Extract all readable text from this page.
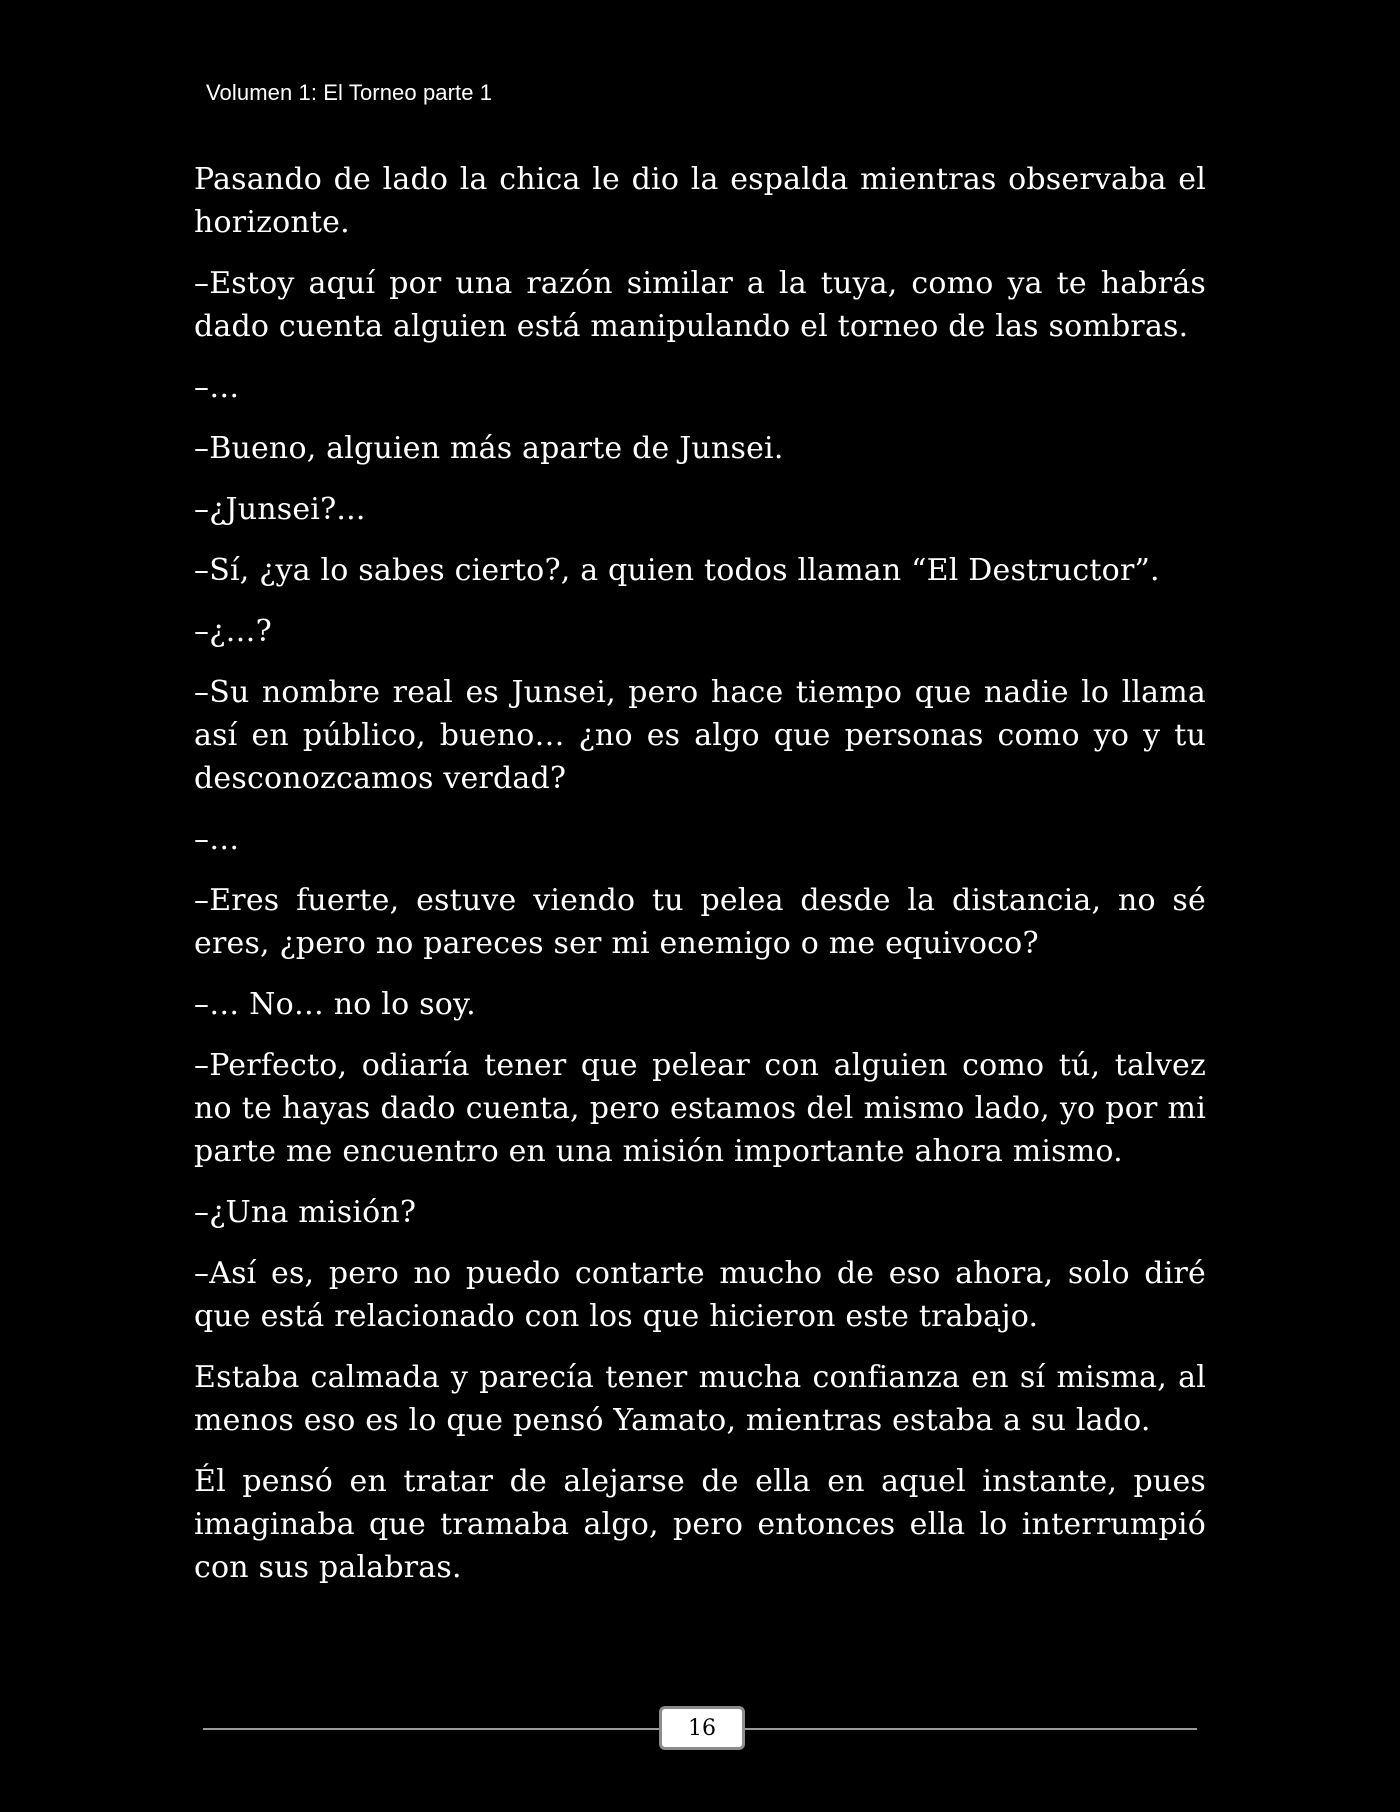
Volumen 1: El Torneo parte 1

Pasando de lado la chica le dio la espalda mientras observaba el horizonte.

–Estoy aquí por una razón similar a la tuya, como ya te habrás dado cuenta alguien está manipulando el torneo de las sombras.

–…

–Bueno, alguien más aparte de Junsei.

–¿Junsei?...

–Sí, ¿ya lo sabes cierto?, a quien todos llaman “El Destructor”.

–¿…?

–Su nombre real es Junsei, pero hace tiempo que nadie lo llama así en público, bueno… ¿no es algo que personas como yo y tu desconozcamos verdad?

–…

–Eres fuerte, estuve viendo tu pelea desde la distancia, no sé eres, ¿pero no pareces ser mi enemigo o me equivoco?

–… No… no lo soy.

–Perfecto, odiaría tener que pelear con alguien como tú, talvez no te hayas dado cuenta, pero estamos del mismo lado, yo por mi parte me encuentro en una misión importante ahora mismo.

–¿Una misión?

–Así es, pero no puedo contarte mucho de eso ahora, solo diré que está relacionado con los que hicieron este trabajo.

Estaba calmada y parecía tener mucha confianza en sí misma, al menos eso es lo que pensó Yamato, mientras estaba a su lado.

Él pensó en tratar de alejarse de ella en aquel instante, pues imaginaba que tramaba algo, pero entonces ella lo interrumpió con sus palabras.

16
